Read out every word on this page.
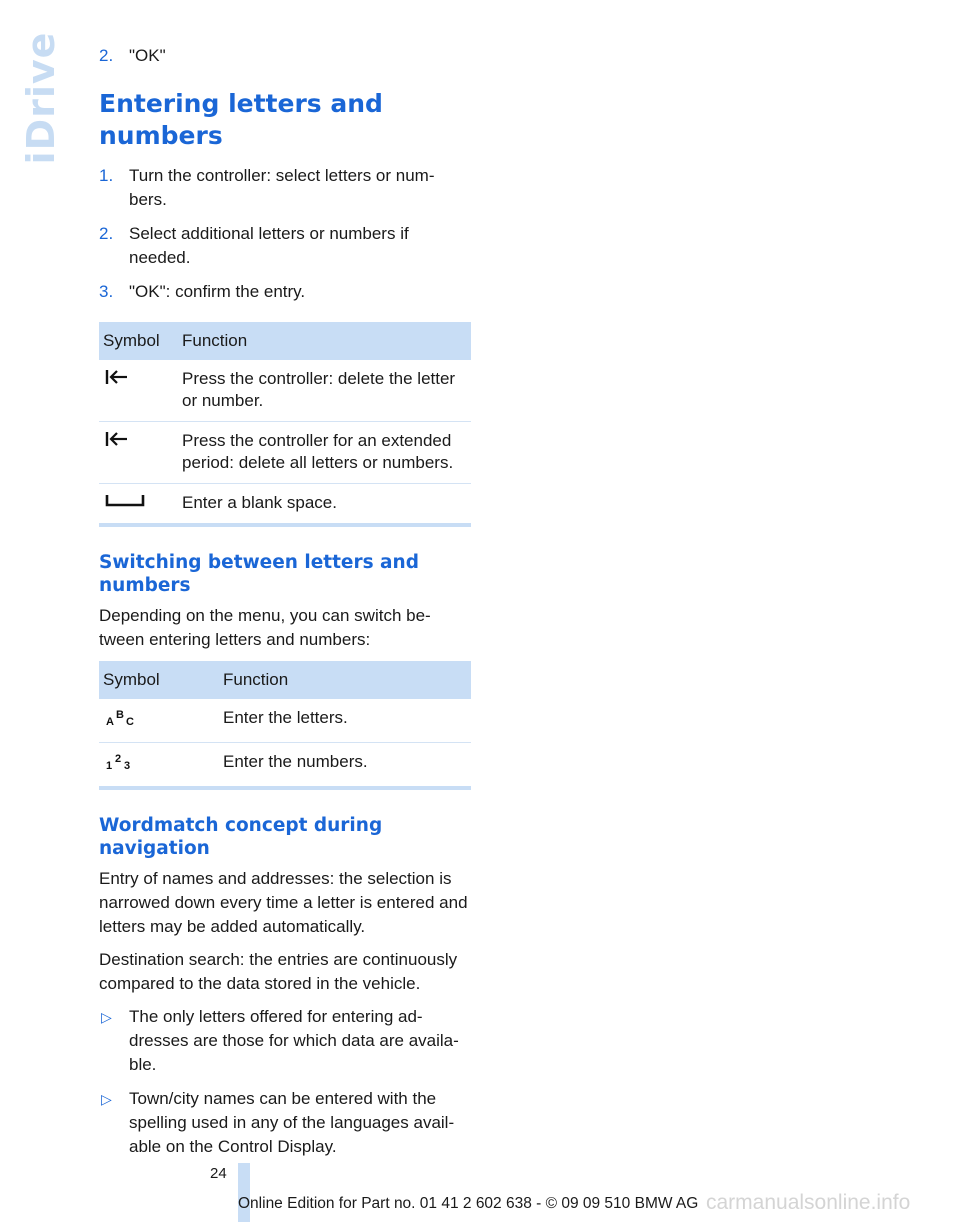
iDrive 2. "OK"
Entering letters and numbers
1. Turn the controller: select letters or num-bers.
2. Select additional letters or numbers if needed.
3. "OK": confirm the entry.
Symbol	Function
	Press the controller: delete the letter or number.
	Press the controller for an extended period: delete all letters or numbers.
	Enter a blank space.
Switching between letters and numbers

Depending on the menu, you can switch be-tween entering letters and numbers:

Symbol	Function

A
B
C	Enter the letters.

1
2
3	Enter the numbers.
Wordmatch concept during navigation

Entry of names and addresses: the selection is narrowed down every time a letter is entered and letters may be added automatically.

Destination search: the entries are continuously compared to the data stored in the vehicle.

▷ The only letters offered for entering ad-dresses are those for which data are availa-ble.
▷ Town/city names can be entered with the spelling used in any of the languages avail-able on the Control Display.
24
Online Edition for Part no. 01 41 2 602 638 - © 09 09 510 BMW AG carmanualsonline.info
